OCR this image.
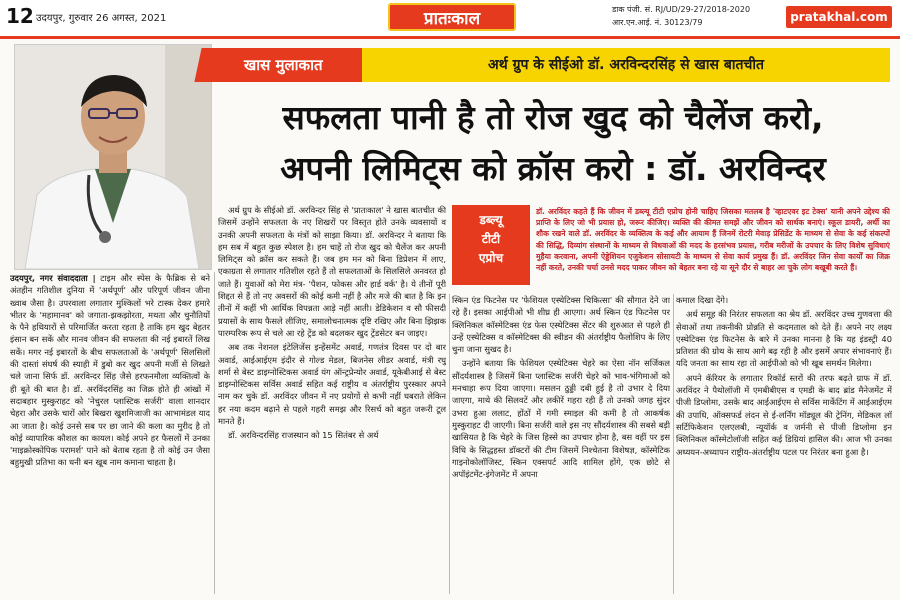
12 उदयपुर, गुरुवार 26 अगस्त, 2021	प्रातःकाल	डाक पंजी. सं. RJ/UD/29-27/2018-2020
आर.एन.आई. नं. 30123/79	pratakhal.com
खास मुलाकात	अर्थ ग्रुप के सीईओ डॉ. अरविन्दरसिंह से खास बातचीत
सफलता पानी है तो रोज खुद को चैलेंज करो,
अपनी लिमिट्स को क्रॉस करो : डॉ. अरविन्दर
डब्ल्यू
टीटी
एप्रोच
डॉ. अरविंदर कहते हैं कि जीवन में डब्ल्यू टीटी एप्रोच होनी चाहिए जिसका मतलब है 'व्हाटएवर इट टेक्स' यानी अपने उद्देश्य की प्राप्ति के लिए जो भी प्रयास हो, जरूर कीजिए। व्यक्ति की कीमत समझें और जीवन को सार्थक बनाएं। स्कूल डायरी, अर्थी का शौक रखने वाले डॉ. अरविंदर के व्यक्तित्व के कई और आयाम हैं जिनमें रोटरी मेवाड़ प्रेसिडेंट के माध्यम से सेवा के कई संकल्पों की सिद्धि, दिव्यांग संस्थानों के माध्यम से विधवाओं की मदद के हरसंभव प्रयास, गरीब मरीजों के उपचार के लिए विशेष सुविधाएं मुहैया करवाना, अपनी ऐड्डेशियन एजुकेशन सोसायटी के माध्यम से सेवा कार्य प्रमुख हैं। डॉ. अरविंदर जिन सेवा कार्यों का जिक्र नहीं करते, उनकी चर्चा उनसे मदद पाकर जीवन को बेहतर बना रहे या सूने दौर से बाहर आ चुके लोग बखूबी करते हैं।

उदयपुर, नगर संवाददाता | टाइम और स्पेस के फैब्रिक से बने अंतहीन गतिशील दुनिया में 'अर्थपूर्ण' और परिपूर्ण जीवन जीना ख्वाब जैसा है। उपरवाला लगातार मुश्किलों भरे टास्क देकर हमारे भीतर के 'महामानव' को जगाता-झकझोरता, मथता और चुनौतियों के पैने हथियारों से परिमार्जित करता रहता है ताकि हम खुद बेहतर इंसान बन सकें और मानव जीवन की सफलता की नई इबारतें लिख सकें। मगर नई इबारतों के बीच सफलताओं के 'अर्थपूर्ण' सिलसिलों की दास्तां संघर्ष की स्याही में डुबो कर खुद अपनी मर्जी से लिखते चले जाना सिर्फ डॉ. अरविन्दर सिंह जैसे हरफनमौला व्यक्तित्वों के ही बूते की बात है। डॉ. अरविंदरसिंह का जिक्र होते ही आंखों में सदाबहार मुस्कुराहट को 'नेचुरल प्लास्टिक सर्जरी' वाला शानदार चेहरा और उसके चारों ओर बिखरा खुशमिजाजी का आभामंडल याद आ जाता है। कोई उनसे सब पर छा जाने की कला का मुरीद है तो कोई व्यापारिक कौशल का कायल। कोई अपने हर फैसलों में उनका 'माइक्रोस्कोपिक परामर्श' पाने को बेताब रहता है तो कोई उन जैसा बहुमुखी प्रतिभा का धनी बन खूब नाम कमाना चाहता है।

अर्थ ग्रुप के सीईओ डॉ. अरविन्दर सिंह से 'प्रातःकाल' ने खास बातचीत की जिसमें उन्होंने सफलता के नए शिखरों पर विस्तृत होते उनके व्यवसायों व उनकी अपनी सफलता के मंत्रों को साझा किया। डॉ. अरविन्दर ने बताया कि हम सब में बहुत कुछ स्पेशल है। हम चाहें तो रोज खुद को चैलेंज कर अपनी लिमिट्स को क्रॉस कर सकते हैं। जब हम मन को बिना डिप्रेशन में लाए, एकाग्रता से लगातार गतिशील रहते हैं तो सफलताओं के सिलसिले अनवरत हो जाते हैं। युवाओं को मेरा मंत्र- 'पैशन, फोकस और हार्ड वर्क' है। ये तीनों पूरी शिद्दत से हैं तो नए अवसरों की कोई कमी नहीं है और मजे की बात है कि इन तीनों में कहीं भी आर्थिक विपन्नता आड़े नहीं आती। डेडिकेशन व सौ फीसदी प्रयासों के साथ फैसले लीजिए, समालोचनात्मक दृष्टि रखिए और बिना झिझक पारम्परिक रूप से चले आ रहे ट्रेंड को बदलकर खुद ट्रेंडसेटर बन जाइए।

अब तक नेशनल इंटेलिजेंस इन्हेंसमेंट अवार्ड, गणतंत्र दिवस पर दो बार अवार्ड, आईआईएम इंदौर से गोल्ड मेडल, बिजनेस लीडर अवार्ड, मंत्री रघु शर्मा से बेस्ट डाइग्नोस्टिकस अवार्ड यंग ऑन्ट्रप्रेन्योर अवार्ड, यूकेबीआई से बेस्ट डाइग्नोस्टिकस सर्विस अवार्ड सहित कई राष्ट्रीय व अंतर्राष्ट्रीय पुरस्कार अपने नाम कर चुके डॉ. अरविंदर जीवन में नए प्रयोगों से कभी नहीं घबराते लेकिन हर नया कदम बढ़ाने से पहले गहरी समझ और रिसर्च को बहुत जरूरी टूल मानते हैं।

डॉ. अरविन्दरसिंह राजस्थान को 15 सितंबर से अर्थ

स्किन एंड फिटनेस पर 'फेशियल एस्थेटिक्स चिकित्सा' की सौगात देने जा रहे हैं। इसका आईपीओ भी शीघ्र ही आएगा। अर्थ स्किन एंड फिटनेस पर क्लिनिकल कॉस्मेटिक्स एंड फेस एस्थेटिक्स सेंटर की शुरुआत से पहले ही उन्हें एस्थेटिक्स व कॉस्मेटिक्स की स्वीडन की अंतर्राष्ट्रीय फैलोशिप के लिए चुना जाना सुखद है।

उन्होंने बताया कि फेशियल एस्थेटिक्स चेहरे का ऐसा नॉन सर्जिकल सौंदर्यशास्त्र है जिसमें बिना प्लास्टिक सर्जरी चेहरे को भाव-भंगिमाओं को मनचाहा रूप दिया जाएगा। मसलन ठुड्डी दबी हुई है तो उभार दे दिया जाएगा, माथे की सिलवटें और लकीरें गहरा रही हैं तो उनको जगह सुंदर उभरा हुआ ललाट, होंठों में गमी स्माइल की कमी है तो आकर्षक मुस्कुराहट दी जाएगी। बिना सर्जरी वाले इस नए सौंदर्यशास्त्र की सबसे बड़ी खासियत है कि चेहरे के जिस हिस्से का उपचार होना है, बस वहीं पर इस विधि के सिद्धहस्त डॉक्टरों की टीम जिसमें निश्चेतना विशेषज्ञ, कॉस्मेटिक गाइनोकोलॉजिस्ट, स्किन एक्सपर्ट आदि शामिल होंगे, एक छोटे से अपॉइंटमेंट-इंगेजमेंट में अपना

कमाल दिखा देंगे।

अर्थ समूह की निरंतर सफलता का श्रेय डॉ. अरविंदर उच्च गुणवत्ता की सेवाओं तथा तकनीकी प्रोन्नति से कदमताल को देते हैं। अपने नए लक्ष्य एस्थेटिक्स एंड फिटनेस के बारे में उनका मानना है कि यह इंडस्ट्री 40 प्रतिशत की ग्रोथ के साथ आगे बढ़ रही है और इसमें अपार संभावनाएं हैं। यदि जनता का साथ रहा तो आईपीओ को भी खूब समर्थन मिलेगा।

अपने कॅरियर के लगातार रिकॉर्ड स्तरों की तरफ बढ़ते ग्राफ में डॉ. अरविंदर ने पैथोलॉजी में एमबीबीएस व एमडी के बाद ब्रांड मैनेजमेंट में पीजी डिप्लोमा, उसके बाद आईआईएम से सर्विस मार्केटिंग में आईआईएम की उपाधि, ऑक्सफर्ड लंदन से ई-लर्निंग मॉड्यूल की ट्रेनिंग, मेडिकल लॉ सर्टिफिकेशन एलएलबी, न्यूयॉर्क व जर्मनी से पीजी डिप्लोमा इन क्लिनिकल कॉस्मेटोलॉजी सहित कई डिग्रियां हासिल की। आज भी उनका अध्ययन-अध्यापन राष्ट्रीय-अंतर्राष्ट्रीय पटल पर निरंतर बना हुआ है।
